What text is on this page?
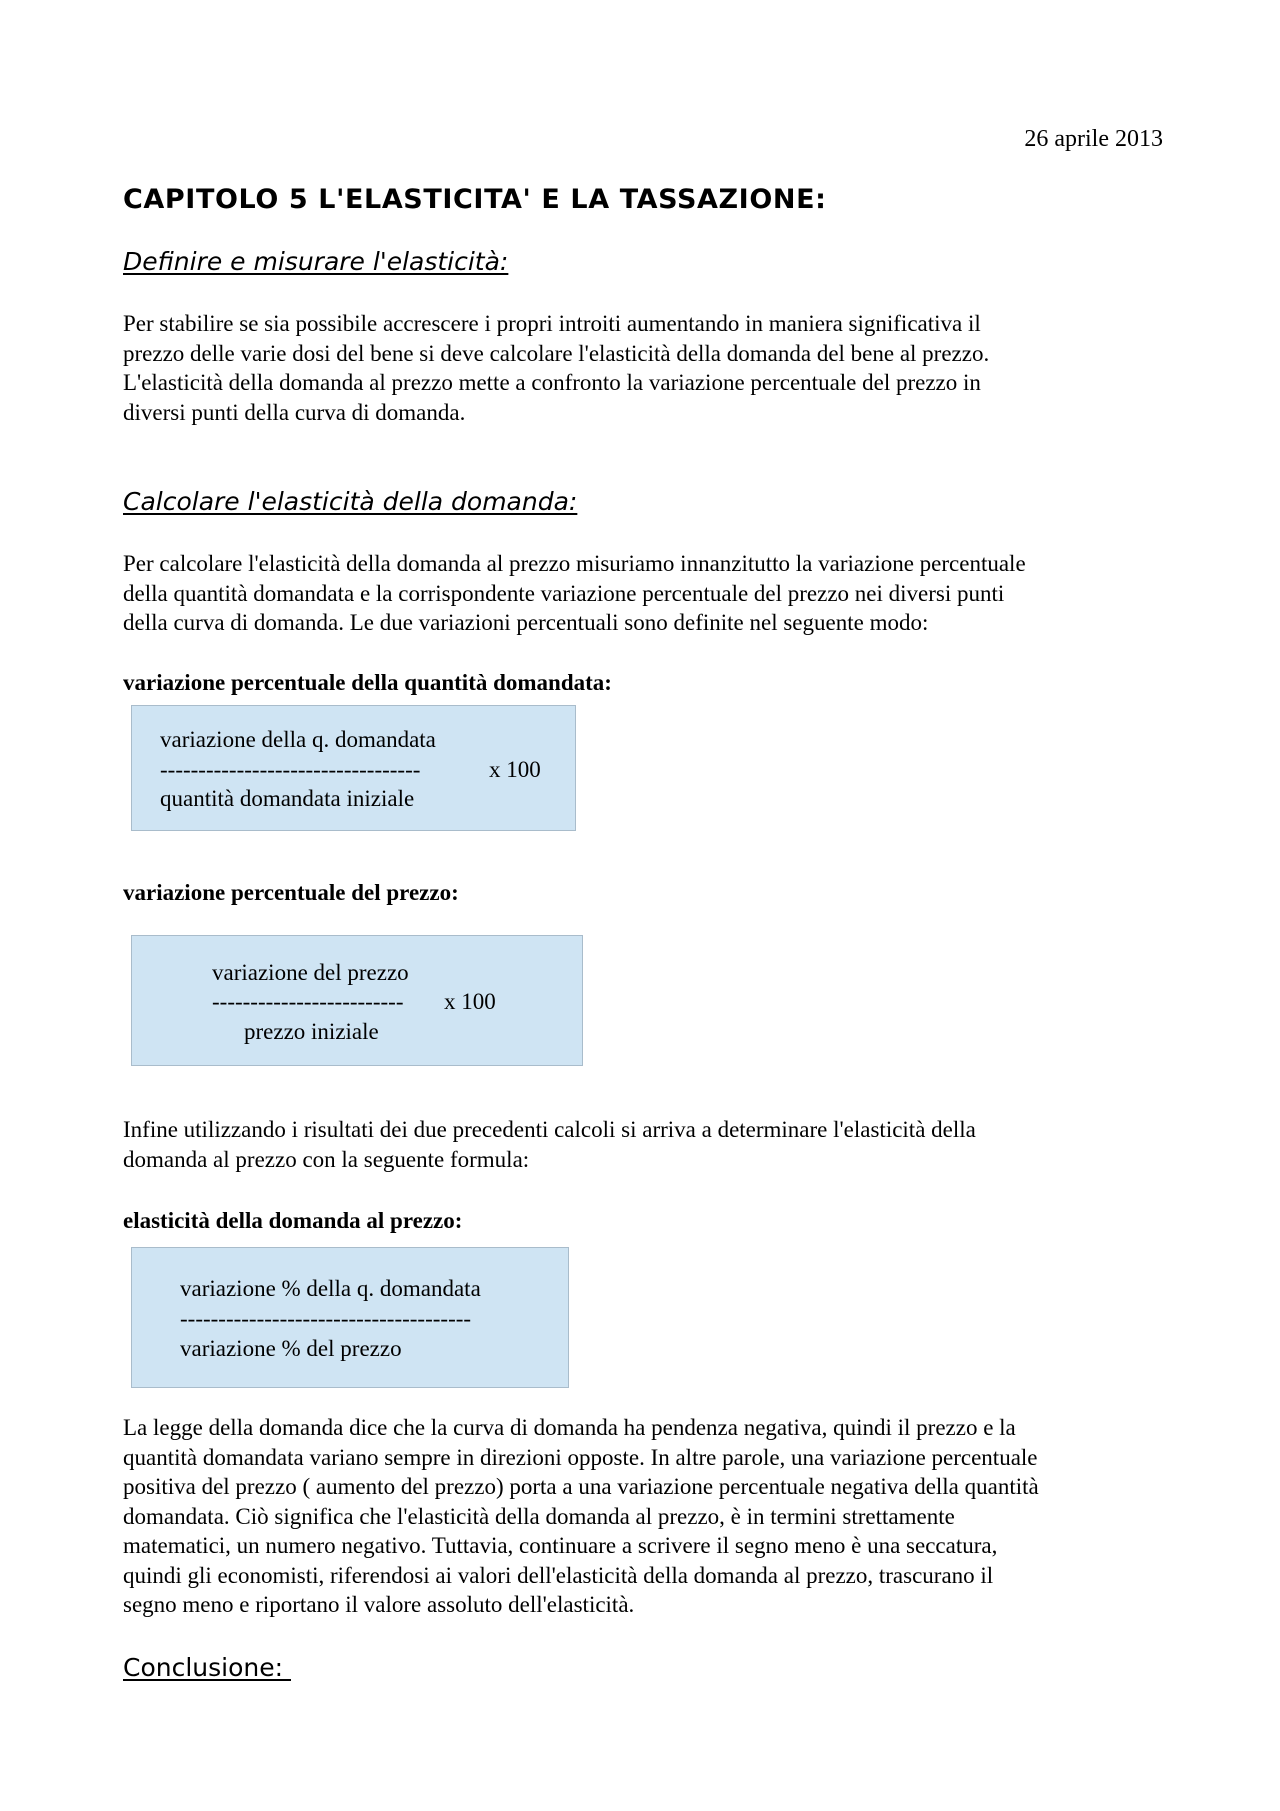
26 aprile 2013
CAPITOLO 5 L'ELASTICITA' E LA TASSAZIONE:
Definire e misurare l'elasticità:

Per stabilire se sia possibile accrescere i propri introiti aumentando in maniera significativa il

prezzo delle varie dosi del bene si deve calcolare l'elasticità della domanda del bene al prezzo.

L'elasticità della domanda al prezzo mette a confronto la variazione percentuale del prezzo in

diversi punti della curva di domanda.

Calcolare l'elasticità della domanda:

Per calcolare l'elasticità della domanda al prezzo misuriamo innanzitutto la variazione percentuale

della quantità domandata e la corrispondente variazione percentuale del prezzo nei diversi punti

della curva di domanda. Le due variazioni percentuali sono definite nel seguente modo:

variazione percentuale della quantità domandata:
variazione della q. domandata
----------------------------------	x 100
quantità domandata iniziale
variazione percentuale del prezzo:
variazione del prezzo
------------------------- x 100
prezzo iniziale

Infine utilizzando i risultati dei due precedenti calcoli si arriva a determinare l'elasticità della

domanda al prezzo con la seguente formula:

elasticità della domanda al prezzo:
variazione % della q. domandata
--------------------------------------
variazione % del prezzo

La legge della domanda dice che la curva di domanda ha pendenza negativa, quindi il prezzo e la

quantità domandata variano sempre in direzioni opposte. In altre parole, una variazione percentuale

positiva del prezzo ( aumento del prezzo) porta a una variazione percentuale negativa della quantità

domandata. Ciò significa che l'elasticità della domanda al prezzo, è in termini strettamente

matematici, un numero negativo. Tuttavia, continuare a scrivere il segno meno è una seccatura,

quindi gli economisti, riferendosi ai valori dell'elasticità della domanda al prezzo, trascurano il

segno meno e riportano il valore assoluto dell'elasticità.

Conclusione:
